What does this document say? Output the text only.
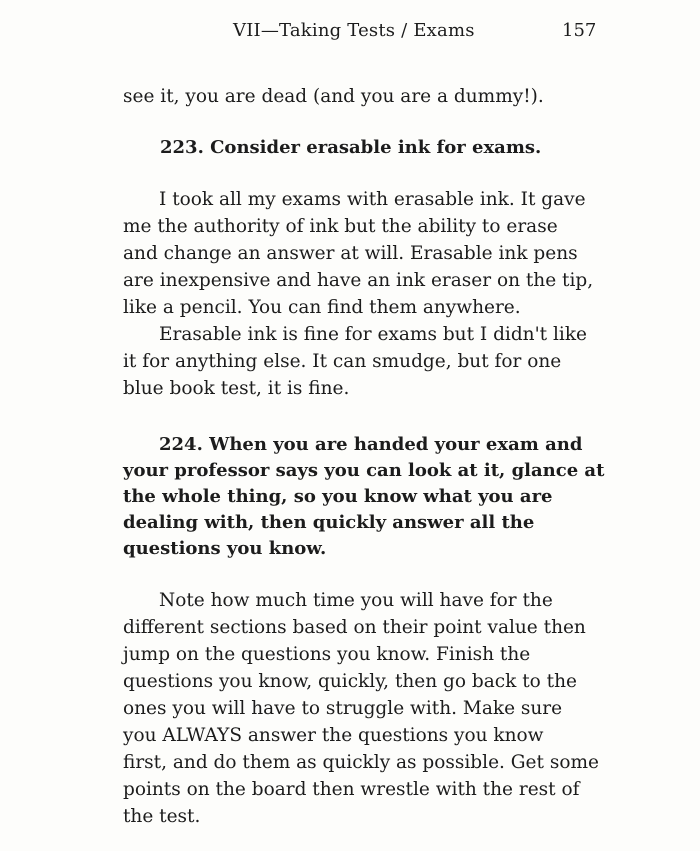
VII—Taking Tests / Exams	157
see it, you are dead (and you are a dummy!).
223. Consider erasable ink for exams.
I took all my exams with erasable ink. It gave
me the authority of ink but the ability to erase
and change an answer at will. Erasable ink pens
are inexpensive and have an ink eraser on the tip,
like a pencil. You can find them anywhere.
Erasable ink is fine for exams but I didn't like
it for anything else. It can smudge, but for one
blue book test, it is fine.
224. When you are handed your exam and
your professor says you can look at it, glance at
the whole thing, so you know what you are
dealing with, then quickly answer all the
questions you know.
Note how much time you will have for the
different sections based on their point value then
jump on the questions you know. Finish the
questions you know, quickly, then go back to the
ones you will have to struggle with. Make sure
you ALWAYS answer the questions you know
first, and do them as quickly as possible. Get some
points on the board then wrestle with the rest of
the test.
